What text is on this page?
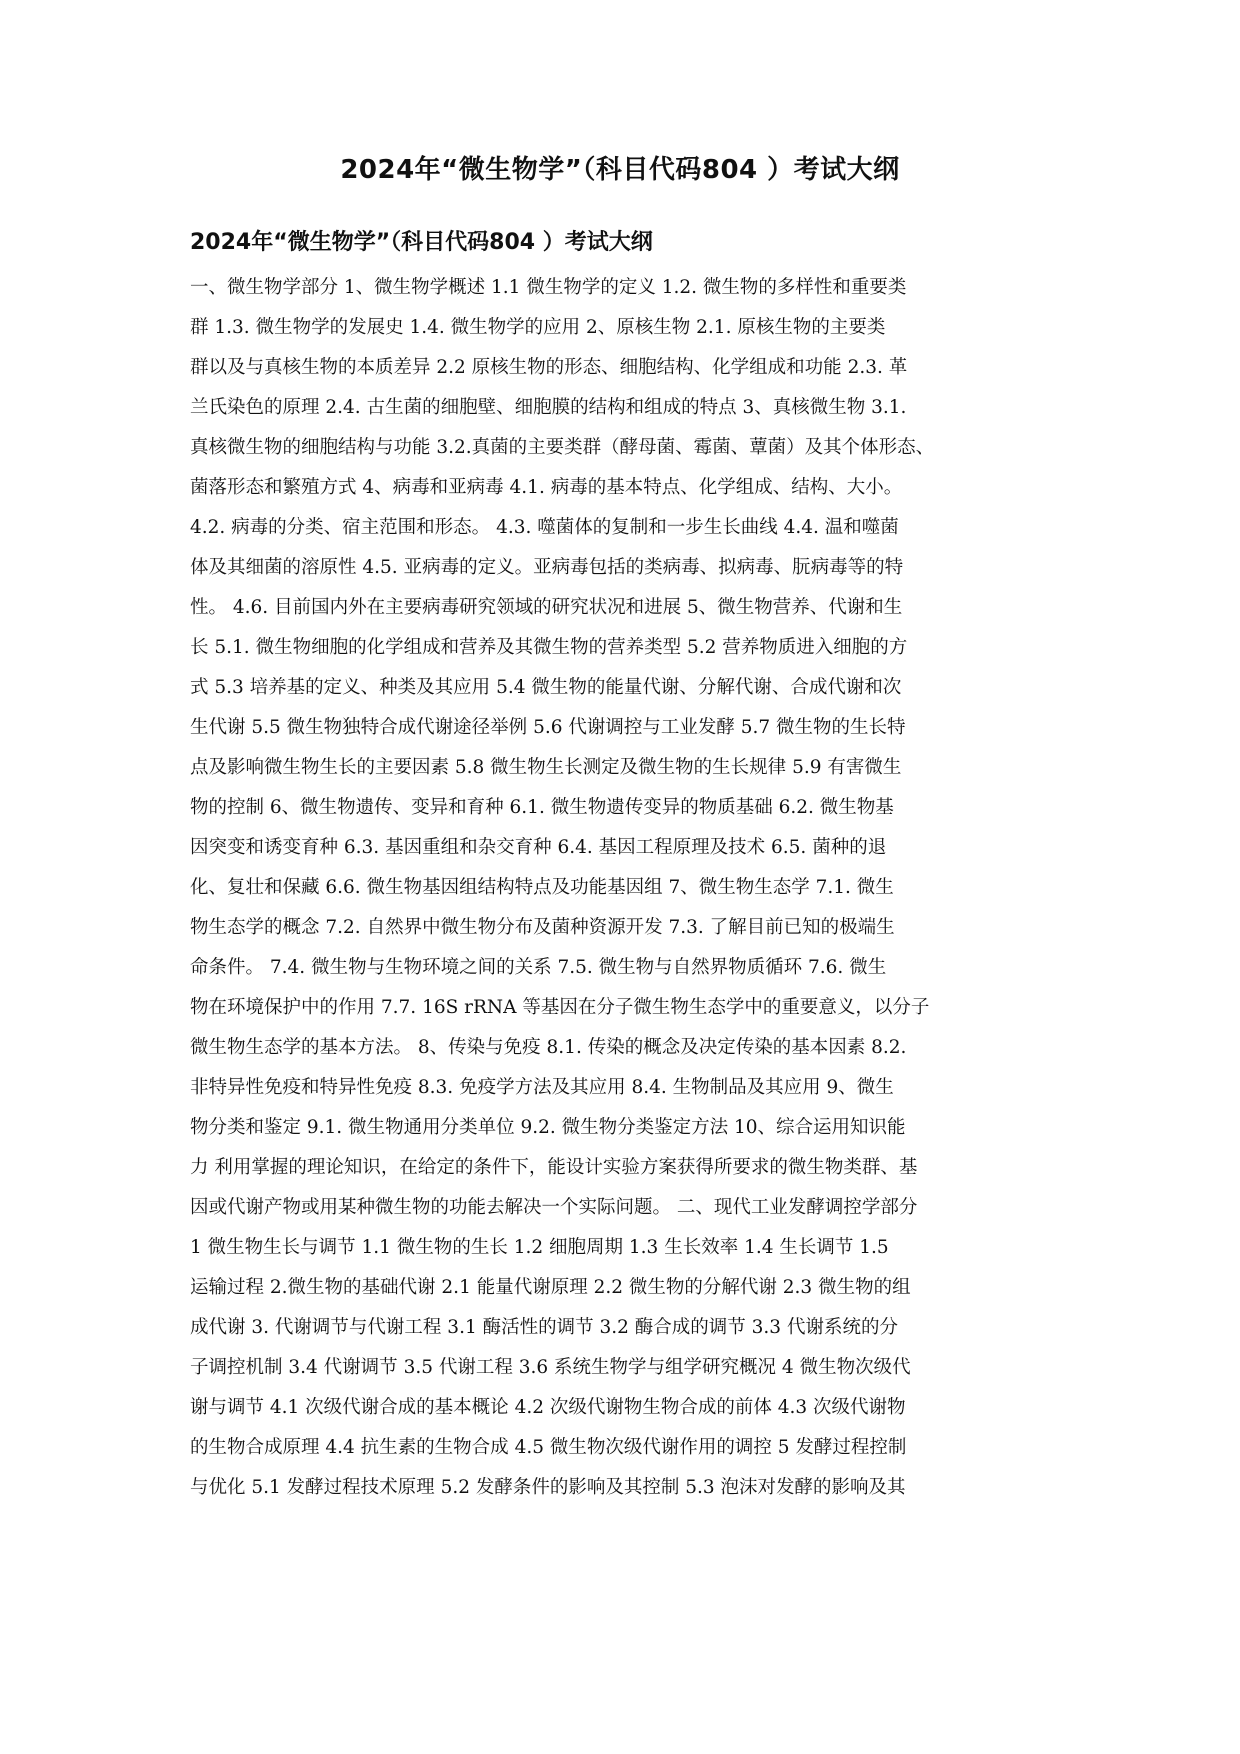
2024年“微生物学”（科目代码804 ）考试大纲
2024年“微生物学”（科目代码804 ）考试大纲
一、微生物学部分 1、微生物学概述 1.1 微生物学的定义 1.2. 微生物的多样性和重要类
群 1.3. 微生物学的发展史 1.4. 微生物学的应用 2、原核生物 2.1. 原核生物的主要类
群以及与真核生物的本质差异 2.2 原核生物的形态、细胞结构、化学组成和功能 2.3. 革
兰氏染色的原理 2.4. 古生菌的细胞壁、细胞膜的结构和组成的特点 3、真核微生物 3.1.
真核微生物的细胞结构与功能 3.2.真菌的主要类群（酵母菌、霉菌、蕈菌）及其个体形态、
菌落形态和繁殖方式 4、病毒和亚病毒 4.1. 病毒的基本特点、化学组成、结构、大小。
4.2. 病毒的分类、宿主范围和形态。 4.3. 噬菌体的复制和一步生长曲线 4.4. 温和噬菌
体及其细菌的溶原性 4.5. 亚病毒的定义。亚病毒包括的类病毒、拟病毒、朊病毒等的特
性。 4.6. 目前国内外在主要病毒研究领域的研究状况和进展 5、微生物营养、代谢和生
长 5.1. 微生物细胞的化学组成和营养及其微生物的营养类型 5.2 营养物质进入细胞的方
式 5.3 培养基的定义、种类及其应用 5.4 微生物的能量代谢、分解代谢、合成代谢和次
生代谢 5.5 微生物独特合成代谢途径举例 5.6 代谢调控与工业发酵 5.7 微生物的生长特
点及影响微生物生长的主要因素 5.8 微生物生长测定及微生物的生长规律 5.9 有害微生
物的控制 6、微生物遗传、变异和育种 6.1. 微生物遗传变异的物质基础 6.2. 微生物基
因突变和诱变育种 6.3. 基因重组和杂交育种 6.4. 基因工程原理及技术 6.5. 菌种的退
化、复壮和保藏 6.6. 微生物基因组结构特点及功能基因组 7、微生物生态学 7.1. 微生
物生态学的概念 7.2. 自然界中微生物分布及菌种资源开发 7.3. 了解目前已知的极端生
命条件。 7.4. 微生物与生物环境之间的关系 7.5. 微生物与自然界物质循环 7.6. 微生
物在环境保护中的作用 7.7. 16S rRNA 等基因在分子微生物生态学中的重要意义，以分子
微生物生态学的基本方法。 8、传染与免疫 8.1. 传染的概念及决定传染的基本因素 8.2.
非特异性免疫和特异性免疫 8.3. 免疫学方法及其应用 8.4. 生物制品及其应用 9、微生
物分类和鉴定 9.1. 微生物通用分类单位 9.2. 微生物分类鉴定方法 10、综合运用知识能
力 利用掌握的理论知识，在给定的条件下，能设计实验方案获得所要求的微生物类群、基
因或代谢产物或用某种微生物的功能去解决一个实际问题。 二、现代工业发酵调控学部分
1 微生物生长与调节 1.1 微生物的生长 1.2 细胞周期 1.3 生长效率 1.4 生长调节 1.5
运输过程 2.微生物的基础代谢 2.1 能量代谢原理 2.2 微生物的分解代谢 2.3 微生物的组
成代谢 3. 代谢调节与代谢工程 3.1 酶活性的调节 3.2 酶合成的调节 3.3 代谢系统的分
子调控机制 3.4 代谢调节 3.5 代谢工程 3.6 系统生物学与组学研究概况 4 微生物次级代
谢与调节 4.1 次级代谢合成的基本概论 4.2 次级代谢物生物合成的前体 4.3 次级代谢物
的生物合成原理 4.4 抗生素的生物合成 4.5 微生物次级代谢作用的调控 5 发酵过程控制
与优化 5.1 发酵过程技术原理 5.2 发酵条件的影响及其控制 5.3 泡沫对发酵的影响及其
